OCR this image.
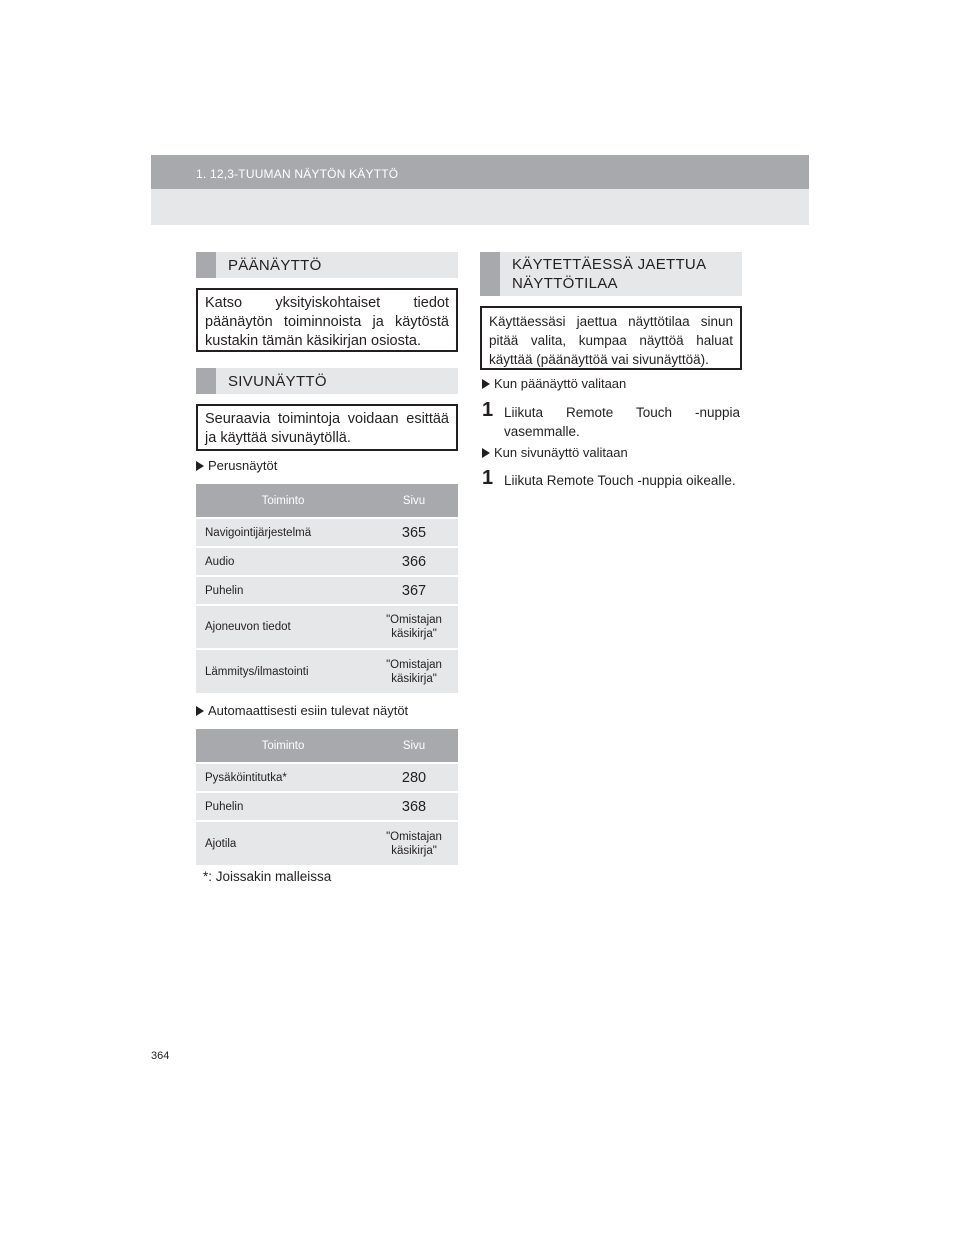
1. 12,3-TUUMAN NÄYTÖN KÄYTTÖ
PÄÄNÄYTTÖ
Katso yksityiskohtaiset tiedot päänäytön toiminnoista ja käytöstä kustakin tämän käsikirjan osiosta.
SIVUNÄYTTÖ
Seuraavia toimintoja voidaan esittää ja käyttää sivunäytöllä.
Perusnäytöt
Toiminto	Sivu
Navigointijärjestelmä	365
Audio	366
Puhelin	367
Ajoneuvon tiedot	"Omistajan käsikirja"
Lämmitys/ilmastointi	"Omistajan käsikirja"
Automaattisesti esiin tulevat näytöt
Toiminto	Sivu
Pysäköintitutka*	280
Puhelin	368
Ajotila	"Omistajan käsikirja"
*: Joissakin malleissa
KÄYTETTÄESSÄ JAETTUA
NÄYTTÖTILAA
Käyttäessäsi jaettua näyttötilaa sinun pitää valita, kumpaa näyttöä haluat käyttää (päänäyttöä vai sivunäyttöä).
Kun päänäyttö valitaan
1 Liikuta Remote Touch -nuppia vasemmalle.
Kun sivunäyttö valitaan
1 Liikuta Remote Touch -nuppia oikealle.
364
